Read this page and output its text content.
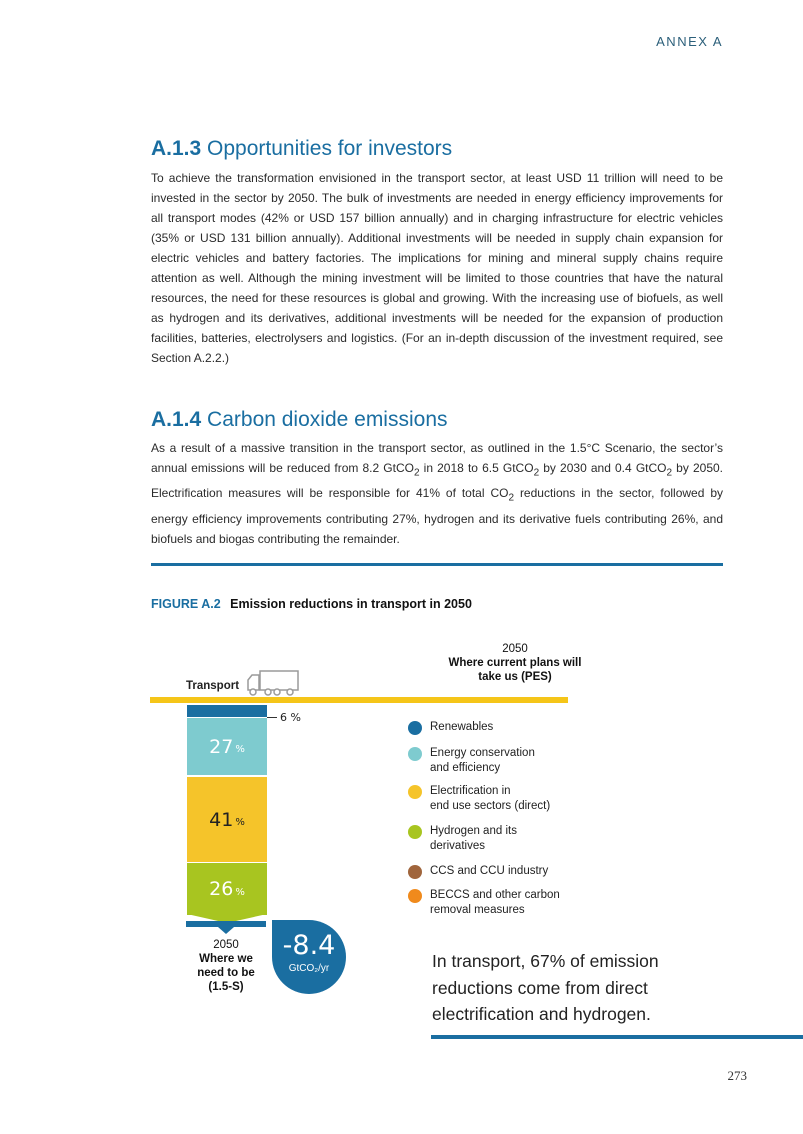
ANNEX A
A.1.3 Opportunities for investors

To achieve the transformation envisioned in the transport sector, at least USD 11 trillion will need to be invested in the sector by 2050. The bulk of investments are needed in energy efficiency improvements for all transport modes (42% or USD 157 billion annually) and in charging infrastructure for electric vehicles (35% or USD 131 billion annually). Additional investments will be needed in supply chain expansion for electric vehicles and battery factories. The implications for mining and mineral supply chains require attention as well. Although the mining investment will be limited to those countries that have the natural resources, the need for these resources is global and growing. With the increasing use of biofuels, as well as hydrogen and its derivatives, additional investments will be needed for the expansion of production facilities, batteries, electrolysers and logistics. (For an in-depth discussion of the investment required, see Section A.2.2.)

A.1.4 Carbon dioxide emissions

As a result of a massive transition in the transport sector, as outlined in the 1.5°C Scenario, the sector’s annual emissions will be reduced from 8.2 GtCO$_2$ in 2018 to 6.5 GtCO$_2$ by 2030 and 0.4 GtCO$_2$ by 2050. Electrification measures will be responsible for 41% of total $CO_2$ reductions in the sector, followed by energy efficiency improvements contributing 27%, hydrogen and its derivative fuels contributing 26%, and biofuels and biogas contributing the remainder.

FIGURE A.2 Emission reductions in transport in 2050
2050
Where current plans will take us (PES)
Transport
6 %
27 %
41 %
26 %
2050
Where we need to be (1.5-S)
-8.4
GtCO₂/yr
Renewables
Energy conservation
and efficiency
Electrification in
end use sectors (direct)
Hydrogen and its
derivatives
CCS and CCU industry
BECCS and other carbon
removal measures
In transport, 67% of emission reductions come from direct electrification and hydrogen.
273
